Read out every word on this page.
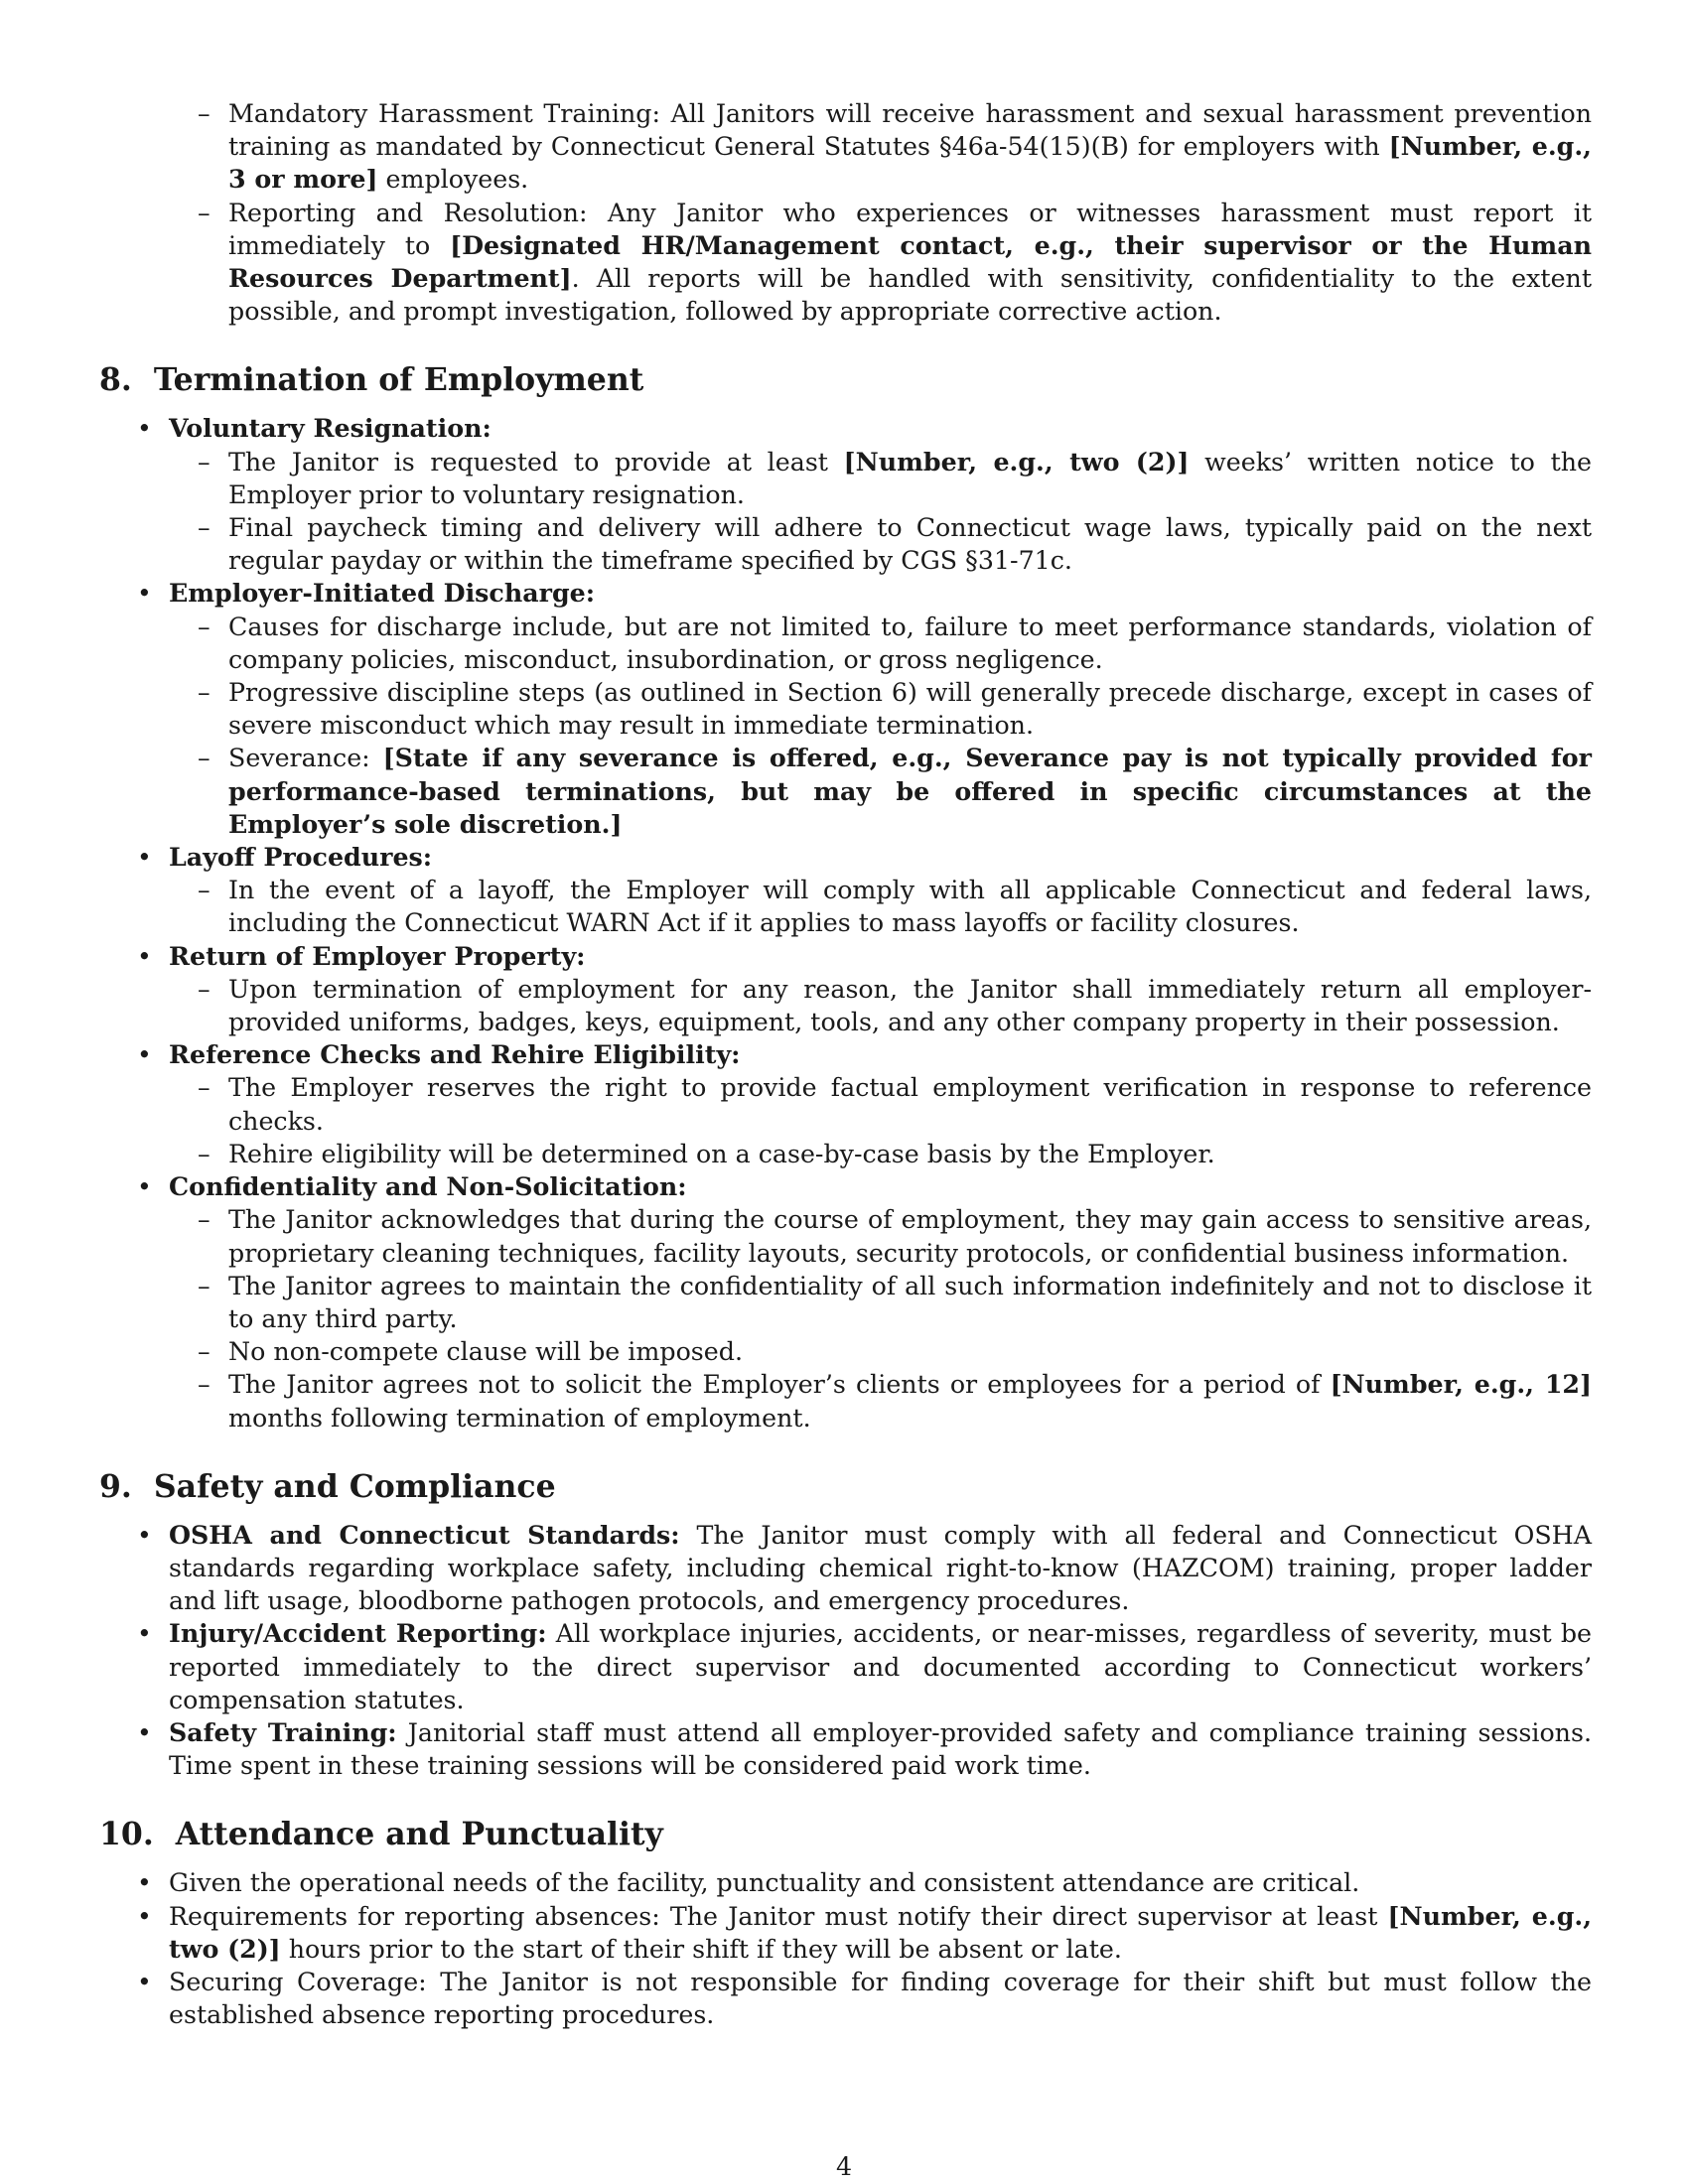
– Mandatory Harassment Training: All Janitors will receive harassment and sexual harassment prevention training as mandated by Connecticut General Statutes §46a-54(15)(B) for employers with [Number, e.g., 3 or more] employees.
– Reporting and Resolution: Any Janitor who experiences or witnesses harassment must report it immediately to [Designated HR/Management contact, e.g., their supervisor or the Human Resources Department]. All reports will be handled with sensitivity, confidentiality to the extent possible, and prompt investigation, followed by appropriate corrective action.
8. Termination of Employment
• Voluntary Resignation:
– The Janitor is requested to provide at least [Number, e.g., two (2)] weeks’ written notice to the Employer prior to voluntary resignation.
– Final paycheck timing and delivery will adhere to Connecticut wage laws, typically paid on the next regular payday or within the timeframe specified by CGS §31-71c.
• Employer-Initiated Discharge:
– Causes for discharge include, but are not limited to, failure to meet performance standards, violation of company policies, misconduct, insubordination, or gross negligence.
– Progressive discipline steps (as outlined in Section 6) will generally precede discharge, except in cases of severe misconduct which may result in immediate termination.
– Severance: [State if any severance is offered, e.g., Severance pay is not typically provided for performance-based terminations, but may be offered in specific circumstances at the Employer’s sole discretion.]
• Layoff Procedures:
– In the event of a layoff, the Employer will comply with all applicable Connecticut and federal laws, including the Connecticut WARN Act if it applies to mass layoffs or facility closures.
• Return of Employer Property:
– Upon termination of employment for any reason, the Janitor shall immediately return all employer-provided uniforms, badges, keys, equipment, tools, and any other company property in their possession.
• Reference Checks and Rehire Eligibility:
– The Employer reserves the right to provide factual employment verification in response to reference checks.
– Rehire eligibility will be determined on a case-by-case basis by the Employer.
• Confidentiality and Non-Solicitation:
– The Janitor acknowledges that during the course of employment, they may gain access to sensitive areas, proprietary cleaning techniques, facility layouts, security protocols, or confidential business information.
– The Janitor agrees to maintain the confidentiality of all such information indefinitely and not to disclose it to any third party.
– No non-compete clause will be imposed.
– The Janitor agrees not to solicit the Employer’s clients or employees for a period of [Number, e.g., 12] months following termination of employment.
9. Safety and Compliance
• OSHA and Connecticut Standards: The Janitor must comply with all federal and Connecticut OSHA standards regarding workplace safety, including chemical right-to-know (HAZCOM) training, proper ladder and lift usage, bloodborne pathogen protocols, and emergency procedures.
• Injury/Accident Reporting: All workplace injuries, accidents, or near-misses, regardless of severity, must be reported immediately to the direct supervisor and documented according to Connecticut workers’ compensation statutes.
• Safety Training: Janitorial staff must attend all employer-provided safety and compliance training sessions. Time spent in these training sessions will be considered paid work time.
10. Attendance and Punctuality
• Given the operational needs of the facility, punctuality and consistent attendance are critical.
• Requirements for reporting absences: The Janitor must notify their direct supervisor at least [Number, e.g., two (2)] hours prior to the start of their shift if they will be absent or late.
• Securing Coverage: The Janitor is not responsible for finding coverage for their shift but must follow the established absence reporting procedures.
4
